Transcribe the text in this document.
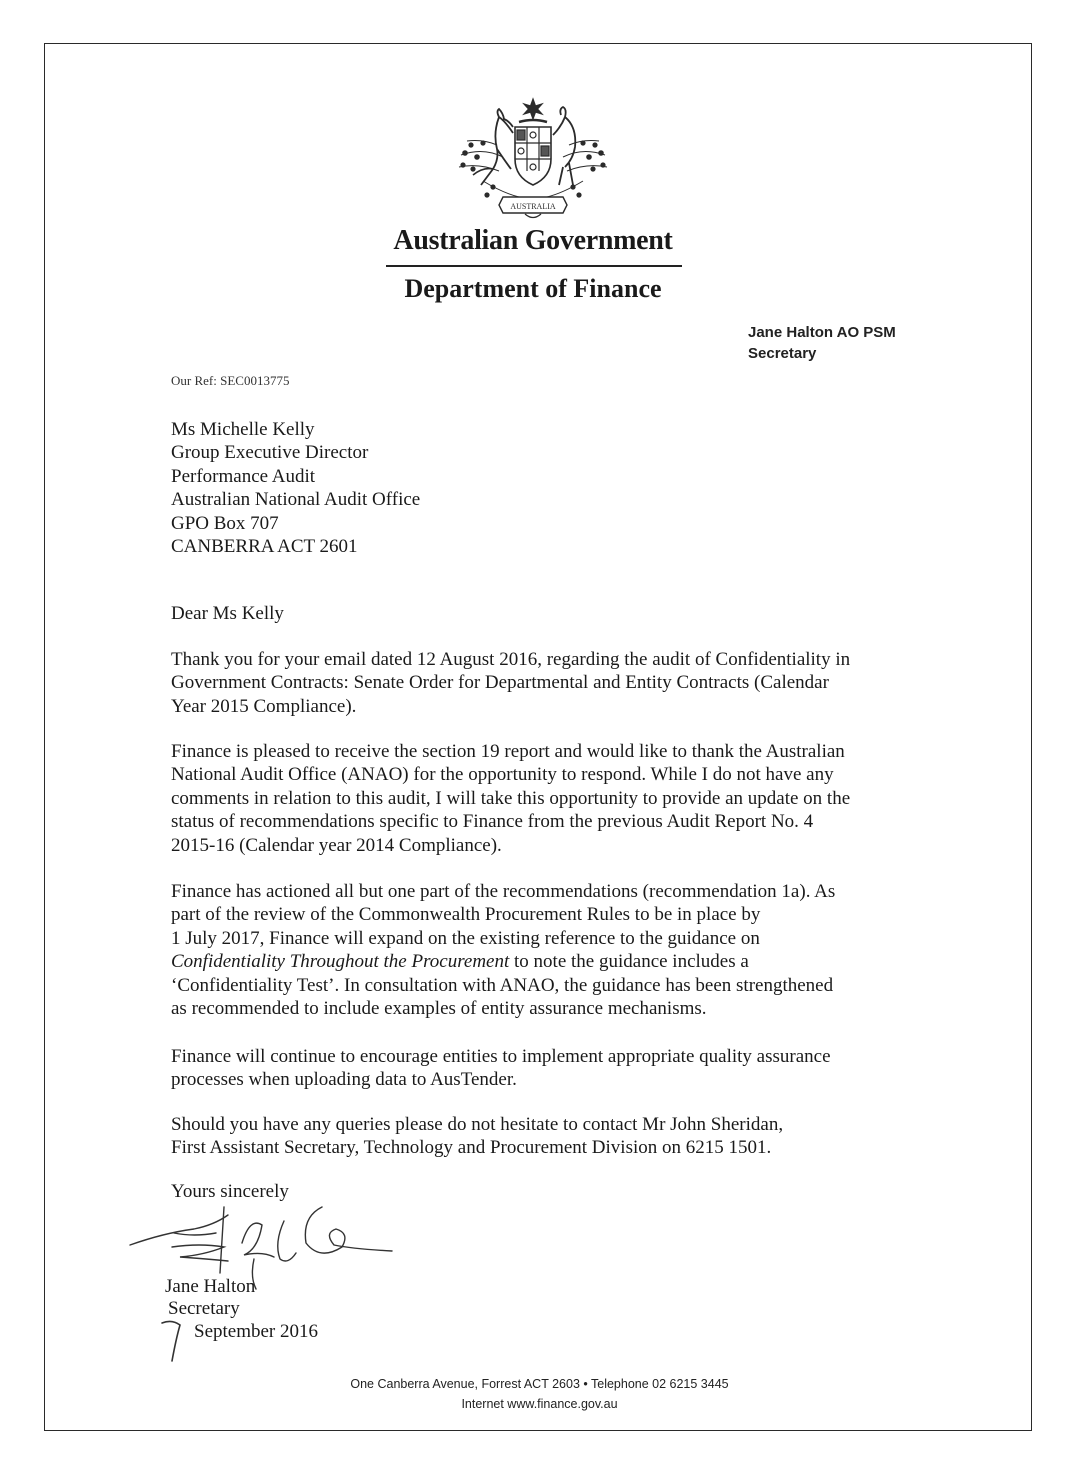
AUSTRALIA
Australian Government
Department of Finance
Jane Halton AO PSM
Secretary
Our Ref: SEC0013775
Ms Michelle Kelly
Group Executive Director
Performance Audit
Australian National Audit Office
GPO Box 707
CANBERRA ACT 2601
Dear Ms Kelly
Thank you for your email dated 12 August 2016, regarding the audit of Confidentiality in
Government Contracts: Senate Order for Departmental and Entity Contracts (Calendar
Year 2015 Compliance).
Finance is pleased to receive the section 19 report and would like to thank the Australian
National Audit Office (ANAO) for the opportunity to respond. While I do not have any
comments in relation to this audit, I will take this opportunity to provide an update on the
status of recommendations specific to Finance from the previous Audit Report No. 4
2015-16 (Calendar year 2014 Compliance).
Finance has actioned all but one part of the recommendations (recommendation 1a). As
part of the review of the Commonwealth Procurement Rules to be in place by
1 July 2017, Finance will expand on the existing reference to the guidance on
Confidentiality Throughout the Procurement to note the guidance includes a
‘Confidentiality Test’. In consultation with ANAO, the guidance has been strengthened
as recommended to include examples of entity assurance mechanisms.
Finance will continue to encourage entities to implement appropriate quality assurance
processes when uploading data to AusTender.
Should you have any queries please do not hesitate to contact Mr John Sheridan,
First Assistant Secretary, Technology and Procurement Division on 6215 1501.
Yours sincerely
Jane Halton
Secretary
September 2016
One Canberra Avenue, Forrest ACT 2603 • Telephone 02 6215 3445
Internet www.finance.gov.au
